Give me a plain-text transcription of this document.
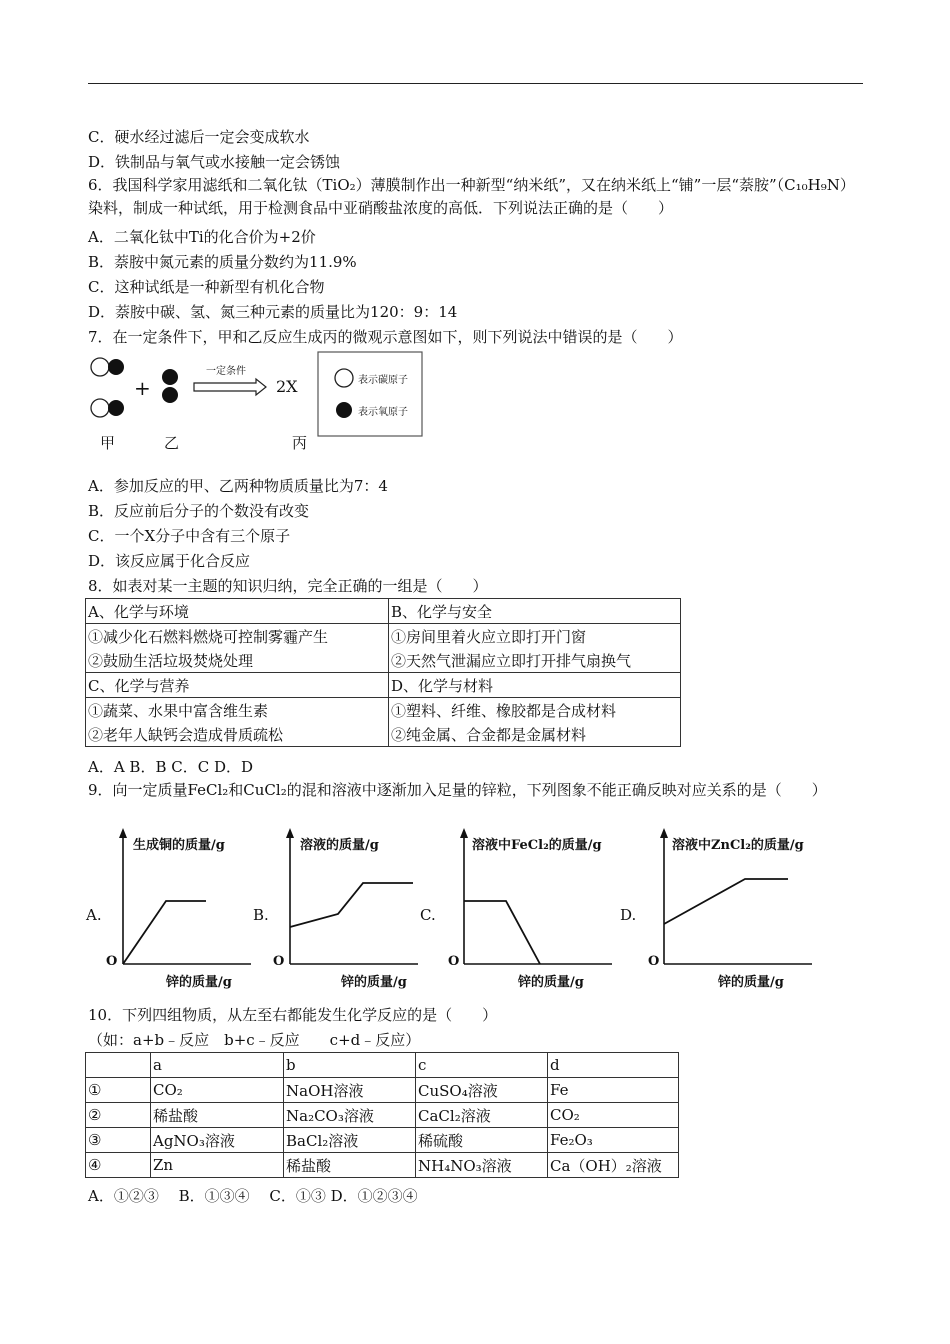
C．硬水经过滤后一定会变成软水
D．铁制品与氧气或水接触一定会锈蚀
6．我国科学家用滤纸和二氧化钛（TiO₂）薄膜制作出一种新型“纳米纸”，又在纳米纸上“铺”一层“萘胺”（C₁₀H₉N）染料，制成一种试纸，用于检测食品中亚硝酸盐浓度的高低．下列说法正确的是（　　）
A．二氧化钛中Ti的化合价为+2价
B．萘胺中氮元素的质量分数约为11.9%
C．这种试纸是一种新型有机化合物
D．萘胺中碳、氢、氮三种元素的质量比为120：9：14
7．在一定条件下，甲和乙反应生成丙的微观示意图如下，则下列说法中错误的是（　　）
+
一定条件
2X	表示碳原子
表示氧原子
甲	乙	丙
A．参加反应的甲、乙两种物质质量比为7：4
B．反应前后分子的个数没有改变
C．一个X分子中含有三个原子
D．该反应属于化合反应
8．如表对某一主题的知识归纳，完全正确的一组是（　　）
A、化学与环境	B、化学与安全
①减少化石燃料燃烧可控制雾霾产生	①房间里着火应立即打开门窗
②鼓励生活垃圾焚烧处理	②天然气泄漏应立即打开排气扇换气
C、化学与营养	D、化学与材料
①蔬菜、水果中富含维生素	①塑料、纤维、橡胶都是合成材料
②老年人缺钙会造成骨质疏松	②纯金属、合金都是金属材料
A．A B．B C．C D．D
9．向一定质量FeCl₂和CuCl₂的混和溶液中逐渐加入足量的锌粒，下列图象不能正确反映对应关系的是（　　）
A.
生成铜的质量/g
O
锌的质量/g
B.
溶液的质量/g
O
锌的质量/g
C.
溶液中FeCl₂的质量/g
O
锌的质量/g
D.
溶液中ZnCl₂的质量/g
O
锌的质量/g
10．下列四组物质，从左至右都能发生化学反应的是（　　）
（如：a+b﹣反应　b+c﹣反应　　c+d﹣反应）
	a	b	c	d
①	CO₂	NaOH溶液	CuSO₄溶液	Fe
②	稀盐酸	Na₂CO₃溶液	CaCl₂溶液	CO₂
③	AgNO₃溶液	BaCl₂溶液	稀硫酸	Fe₂O₃
④	Zn	稀盐酸	NH₄NO₃溶液	Ca（OH）₂溶液
A．①②③　 B．①③④　 C．①③ D．①②③④
